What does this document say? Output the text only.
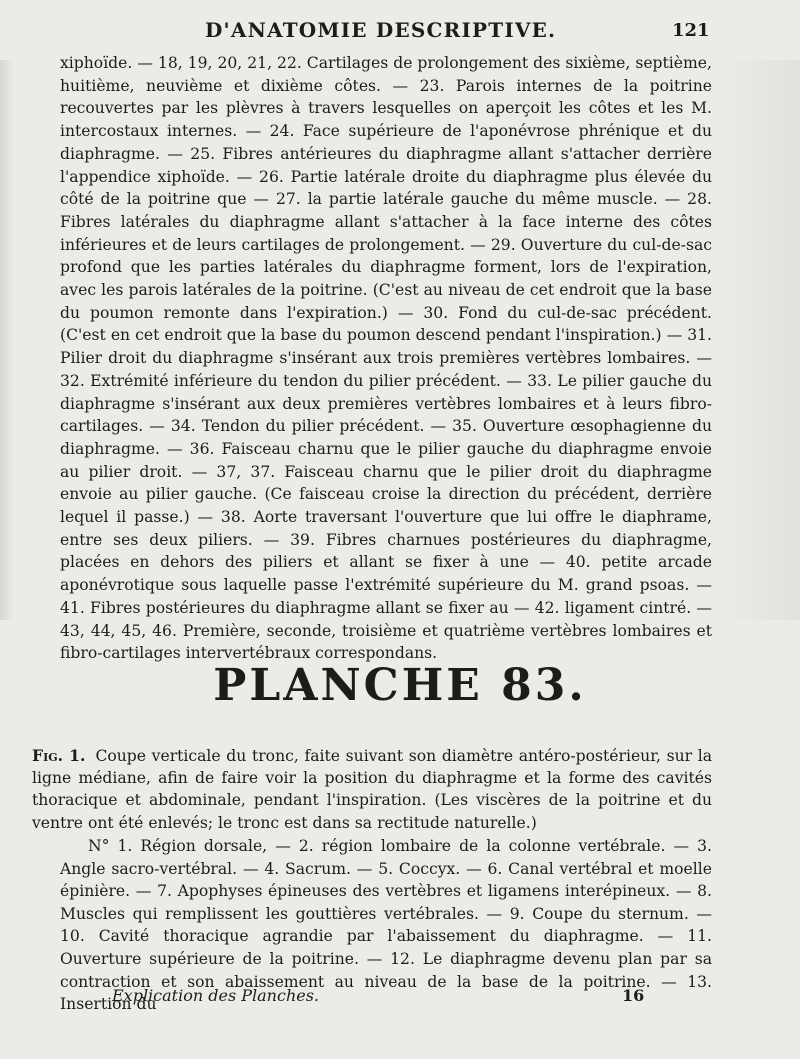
D'ANATOMIE DESCRIPTIVE.	121

xiphoïde. — 18, 19, 20, 21, 22. Cartilages de prolongement des sixième, septième, huitième, neuvième et dixième côtes. — 23. Parois internes de la poitrine recouvertes par les plèvres à travers lesquelles on aperçoit les côtes et les M. intercostaux internes. — 24. Face supérieure de l'aponévrose phrénique et du diaphragme. — 25. Fibres antérieures du diaphragme allant s'attacher derrière l'appendice xiphoïde. — 26. Partie latérale droite du diaphragme plus élevée du côté de la poitrine que — 27. la partie latérale gauche du même muscle. — 28. Fibres latérales du diaphragme allant s'attacher à la face interne des côtes inférieures et de leurs cartilages de prolongement. — 29. Ouverture du cul-de-sac profond que les parties latérales du diaphragme forment, lors de l'expiration, avec les parois latérales de la poitrine. (C'est au niveau de cet endroit que la base du poumon remonte dans l'expiration.) — 30. Fond du cul-de-sac précédent. (C'est en cet endroit que la base du poumon descend pendant l'inspiration.) — 31. Pilier droit du diaphragme s'insérant aux trois premières vertèbres lombaires. — 32. Extrémité inférieure du tendon du pilier précédent. — 33. Le pilier gauche du diaphragme s'insérant aux deux premières vertèbres lombaires et à leurs fibro-cartilages. — 34. Tendon du pilier précédent. — 35. Ouverture œsophagienne du diaphragme. — 36. Faisceau charnu que le pilier gauche du diaphragme envoie au pilier droit. — 37, 37. Faisceau charnu que le pilier droit du diaphragme envoie au pilier gauche. (Ce faisceau croise la direction du précédent, derrière lequel il passe.) — 38. Aorte traversant l'ouverture que lui offre le diaphrame, entre ses deux piliers. — 39. Fibres charnues postérieures du diaphragme, placées en dehors des piliers et allant se fixer à une — 40. petite arcade aponévrotique sous laquelle passe l'extrémité supérieure du M. grand psoas. — 41. Fibres postérieures du diaphragme allant se fixer au — 42. ligament cintré. — 43, 44, 45, 46. Première, seconde, troisième et quatrième vertèbres lombaires et fibro-cartilages intervertébraux correspondans.

PLANCHE 83.

Fig. 1. Coupe verticale du tronc, faite suivant son diamètre antéro-postérieur, sur la ligne médiane, afin de faire voir la position du diaphragme et la forme des cavités thoracique et abdominale, pendant l'inspiration. (Les viscères de la poitrine et du ventre ont été enlevés; le tronc est dans sa rectitude naturelle.)

N° 1. Région dorsale, — 2. région lombaire de la colonne vertébrale. — 3. Angle sacro-vertébral. — 4. Sacrum. — 5. Coccyx. — 6. Canal vertébral et moelle épinière. — 7. Apophyses épineuses des vertèbres et ligamens interépineux. — 8. Muscles qui remplissent les gouttières vertébrales. — 9. Coupe du sternum. — 10. Cavité thoracique agrandie par l'abaissement du diaphragme. — 11. Ouverture supérieure de la poitrine. — 12. Le diaphragme devenu plan par sa contraction et son abaissement au niveau de la base de la poitrine. — 13. Insertion du

Explication des Planches.	16
